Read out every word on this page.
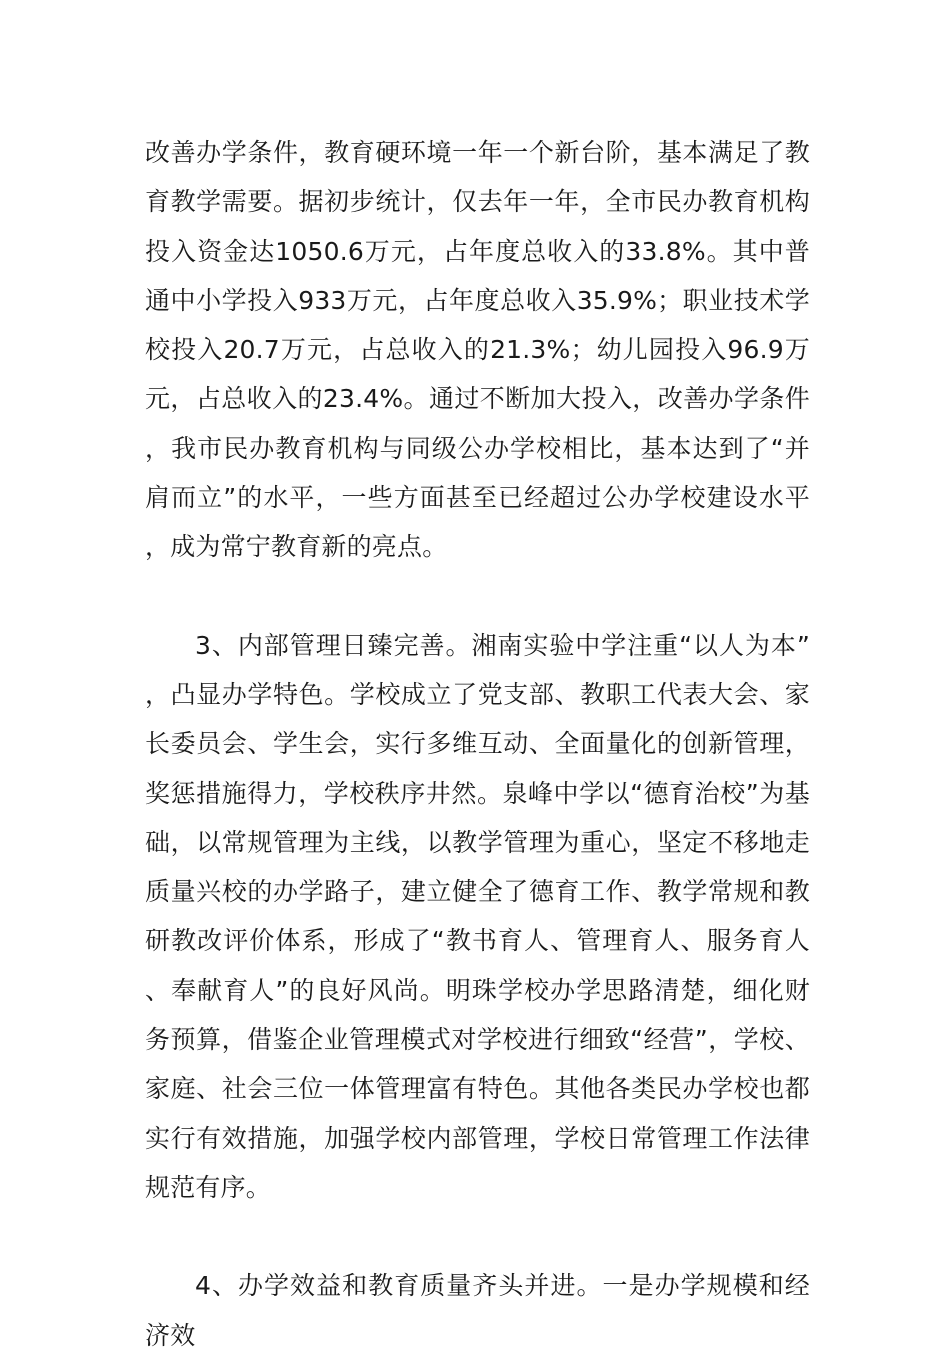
改善办学条件，教育硬环境一年一个新台阶，基本满足了教育教学需要。据初步统计，仅去年一年，全市民办教育机构投入资金达1050.6万元，占年度总收入的33.8%。其中普通中小学投入933万元，占年度总收入35.9%；职业技术学校投入20.7万元，占总收入的21.3%；幼儿园投入96.9万元，占总收入的23.4%。通过不断加大投入，改善办学条件，我市民办教育机构与同级公办学校相比，基本达到了“并肩而立”的水平，一些方面甚至已经超过公办学校建设水平，成为常宁教育新的亮点。

3、内部管理日臻完善。湘南实验中学注重“以人为本”，凸显办学特色。学校成立了党支部、教职工代表大会、家长委员会、学生会，实行多维互动、全面量化的创新管理，奖惩措施得力，学校秩序井然。泉峰中学以“德育治校”为基础，以常规管理为主线，以教学管理为重心，坚定不移地走质量兴校的办学路子，建立健全了德育工作、教学常规和教研教改评价体系，形成了“教书育人、管理育人、服务育人、奉献育人”的良好风尚。明珠学校办学思路清楚，细化财务预算，借鉴企业管理模式对学校进行细致“经营”，学校、家庭、社会三位一体管理富有特色。其他各类民办学校也都实行有效措施，加强学校内部管理，学校日常管理工作法律规范有序。

4、办学效益和教育质量齐头并进。一是办学规模和经济效
